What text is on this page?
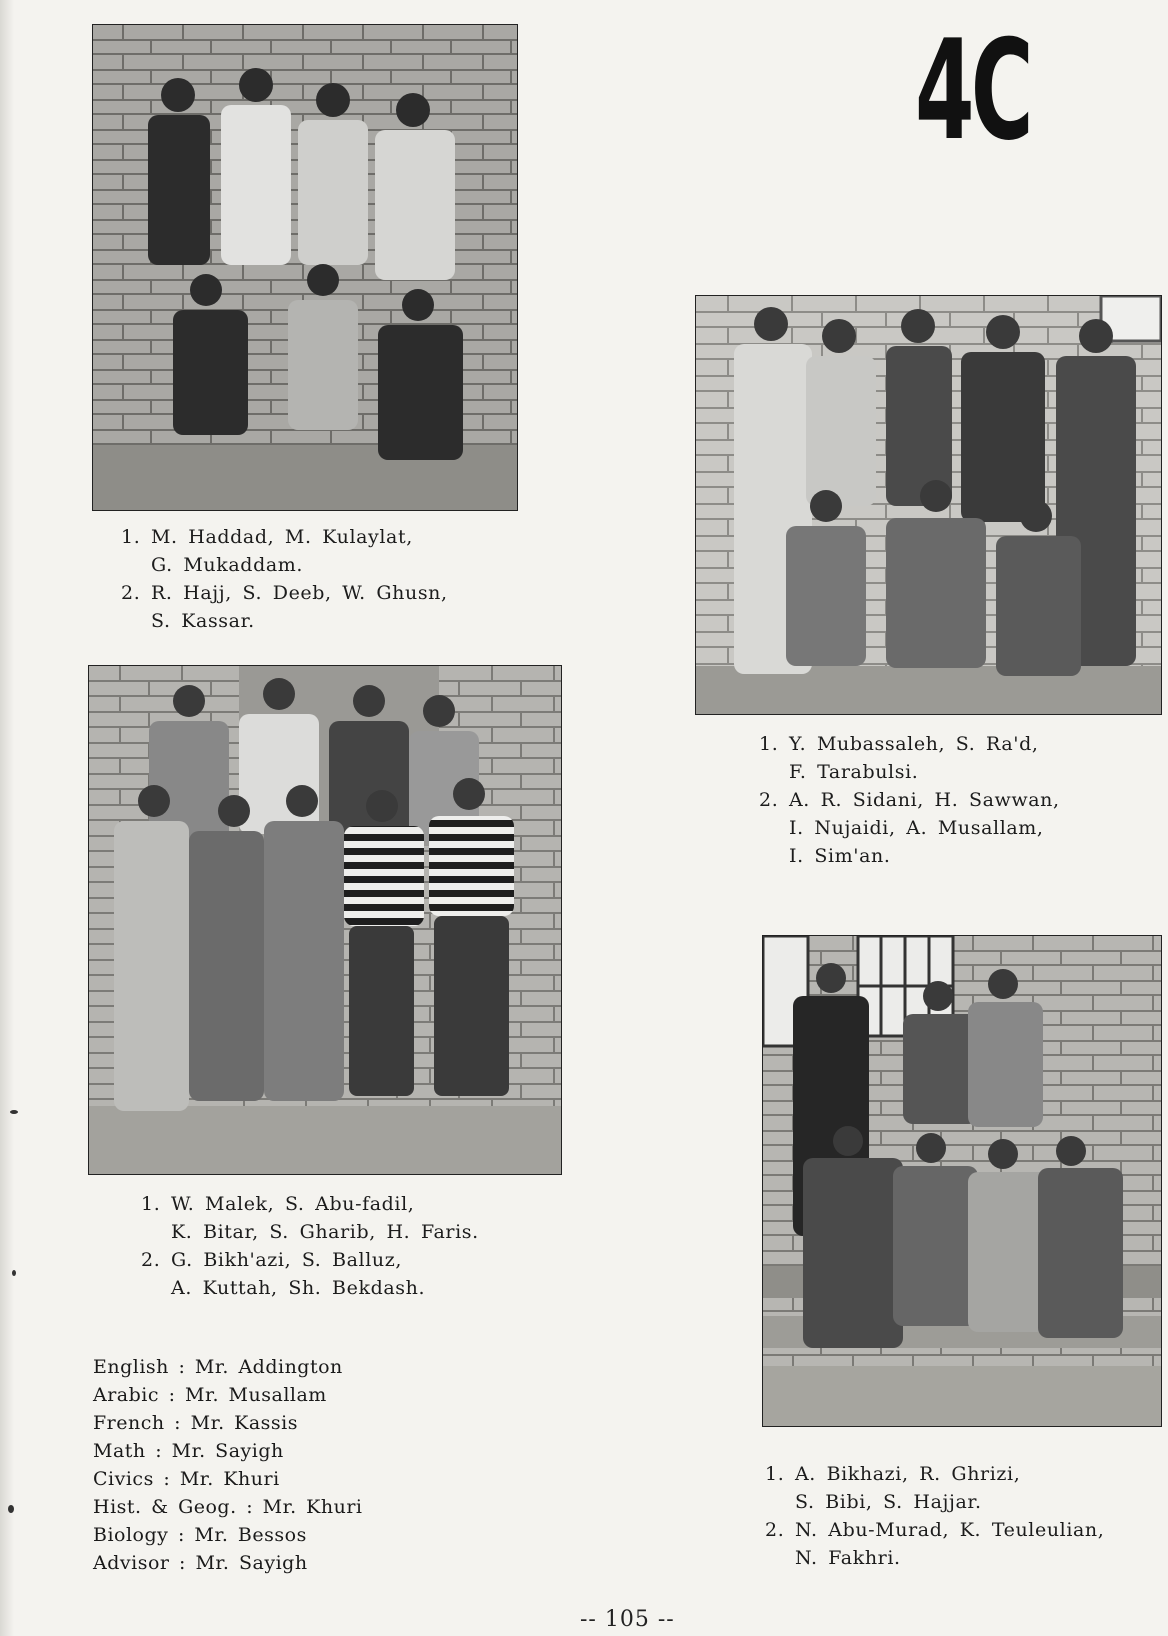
4C
1. M. Haddad, M. Kulaylat,
G. Mukaddam.
2. R. Hajj, S. Deeb, W. Ghusn,
S. Kassar.
1. Y. Mubassaleh, S. Ra'd,
F. Tarabulsi.
2. A. R. Sidani, H. Sawwan,
I. Nujaidi, A. Musallam,
I. Sim'an.
1. W. Malek, S. Abu-fadil,
K. Bitar, S. Gharib, H. Faris.
2. G. Bikh'azi, S. Balluz,
A. Kuttah, Sh. Bekdash.
English : Mr. Addington
Arabic : Mr. Musallam
French : Mr. Kassis
Math : Mr. Sayigh
Civics : Mr. Khuri
Hist. & Geog. : Mr. Khuri
Biology : Mr. Bessos
Advisor : Mr. Sayigh
1. A. Bikhazi, R. Ghrizi,
S. Bibi, S. Hajjar.
2. N. Abu-Murad, K. Teuleulian,
N. Fakhri.
-- 105 --
